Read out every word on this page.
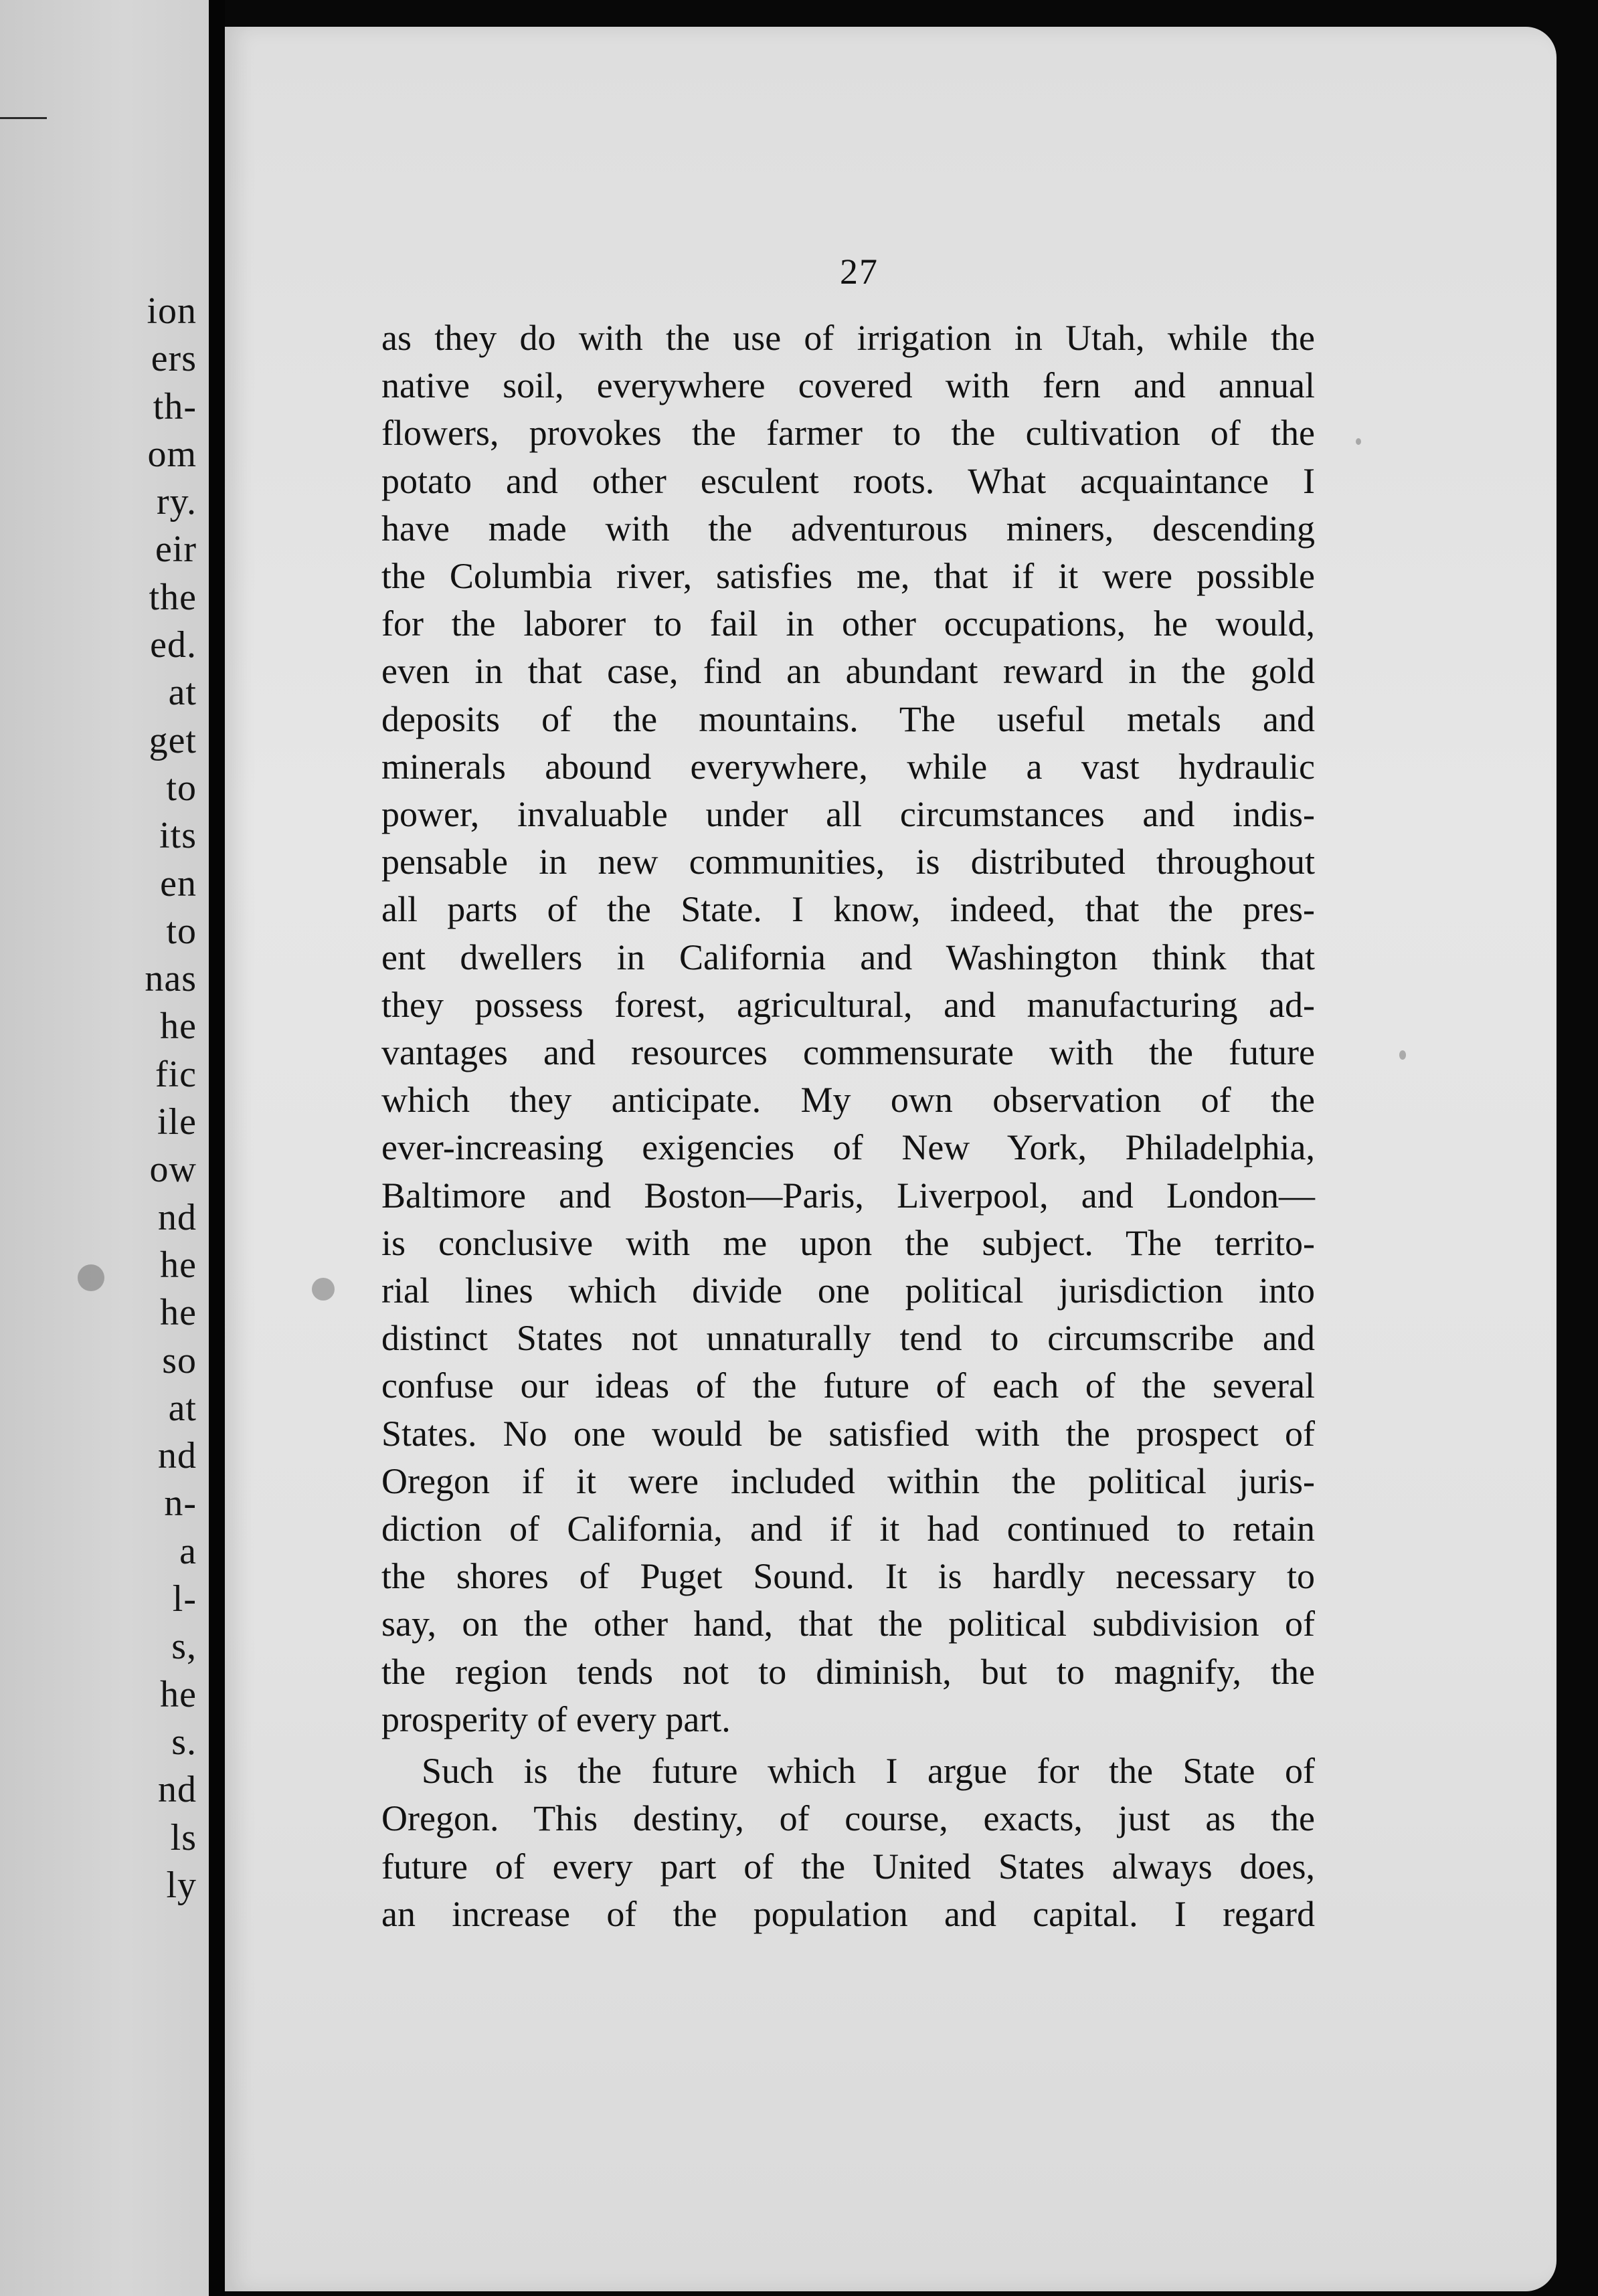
ion
ers
th-
om
ry.
eir
the
ed.
at
get
to
its
en
to
nas
he
fic
ile
ow
nd
he
he
so
at
nd
n-
a
l-
s,
he
s.
nd
ls
ly
27
as they do with the use of irrigation in Utah, while the
native soil, everywhere covered with fern and annual
flowers, provokes the farmer to the cultivation of the
potato and other esculent roots. What acquaintance I
have made with the adventurous miners, descending
the Columbia river, satisfies me, that if it were possible
for the laborer to fail in other occupations, he would,
even in that case, find an abundant reward in the gold
deposits of the mountains. The useful metals and
minerals abound everywhere, while a vast hydraulic
power, invaluable under all circumstances and indis-
pensable in new communities, is distributed throughout
all parts of the State. I know, indeed, that the pres-
ent dwellers in California and Washington think that
they possess forest, agricultural, and manufacturing ad-
vantages and resources commensurate with the future
which they anticipate. My own observation of the
ever-increasing exigencies of New York, Philadelphia,
Baltimore and Boston—Paris, Liverpool, and London—
is conclusive with me upon the subject. The territo-
rial lines which divide one political jurisdiction into
distinct States not unnaturally tend to circumscribe and
confuse our ideas of the future of each of the several
States. No one would be satisfied with the prospect of
Oregon if it were included within the political juris-
diction of California, and if it had continued to retain
the shores of Puget Sound. It is hardly necessary to
say, on the other hand, that the political subdivision of
the region tends not to diminish, but to magnify, the
prosperity of every part.
Such is the future which I argue for the State of
Oregon. This destiny, of course, exacts, just as the
future of every part of the United States always does,
an increase of the population and capital. I regard
